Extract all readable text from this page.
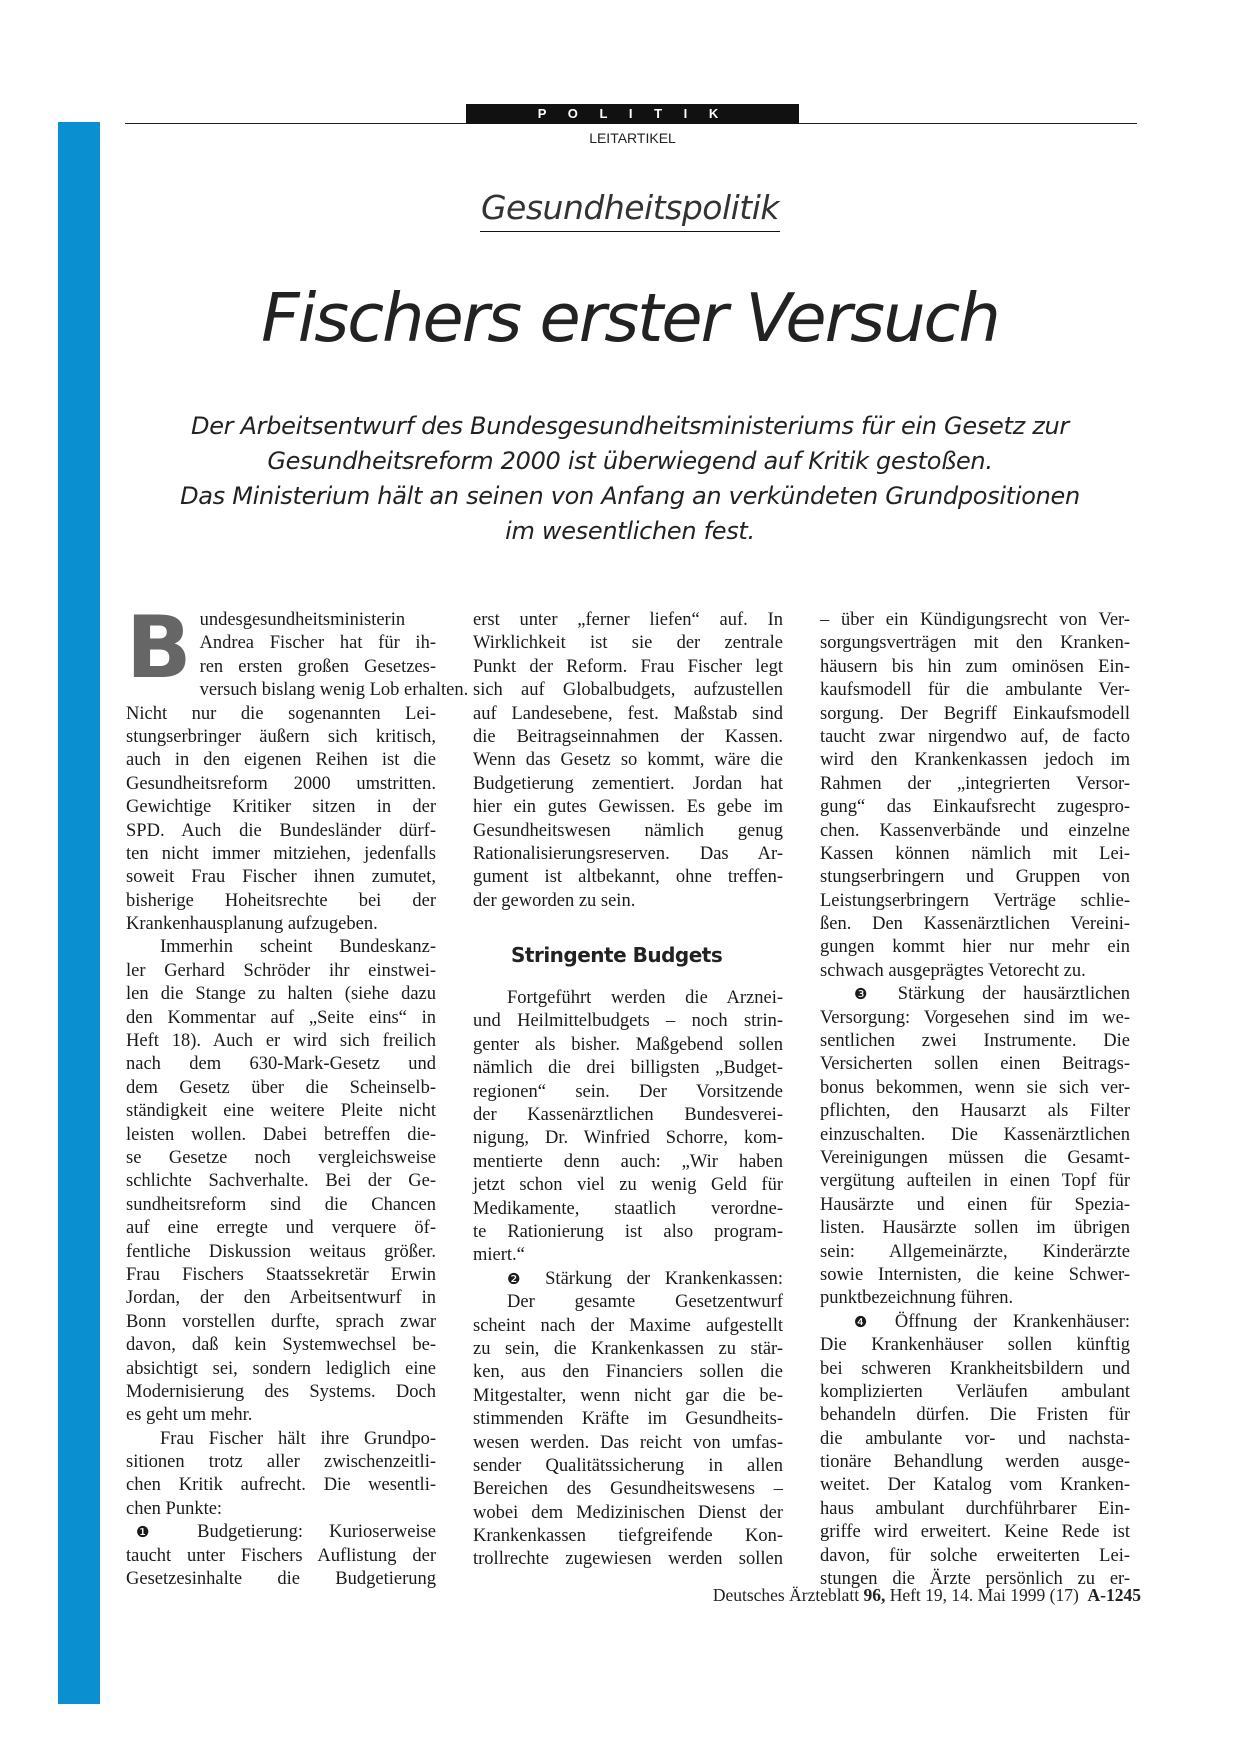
P O L I T I K
LEITARTIKEL
Gesundheitspolitik
Fischers erster Versuch
Der Arbeitsentwurf des Bundesgesundheitsministeriums für ein Gesetz zur
Gesundheitsreform 2000 ist überwiegend auf Kritik gestoßen.
Das Ministerium hält an seinen von Anfang an verkündeten Grundpositionen
im wesentlichen fest.
B undesgesundheitsministerin
Andrea Fischer hat für ih-
ren ersten großen Gesetzes-
versuch bislang wenig Lob erhalten.
Nicht nur die sogenannten Lei-
stungserbringer äußern sich kritisch,
auch in den eigenen Reihen ist die
Gesundheitsreform 2000 umstritten.
Gewichtige Kritiker sitzen in der
SPD. Auch die Bundesländer dürf-
ten nicht immer mitziehen, jedenfalls
soweit Frau Fischer ihnen zumutet,
bisherige Hoheitsrechte bei der
Krankenhausplanung aufzugeben.
Immerhin scheint Bundeskanz-
ler Gerhard Schröder ihr einstwei-
len die Stange zu halten (siehe dazu
den Kommentar auf „Seite eins“ in
Heft 18). Auch er wird sich freilich
nach dem 630-Mark-Gesetz und
dem Gesetz über die Scheinselb-
ständigkeit eine weitere Pleite nicht
leisten wollen. Dabei betreffen die-
se Gesetze noch vergleichsweise
schlichte Sachverhalte. Bei der Ge-
sundheitsreform sind die Chancen
auf eine erregte und verquere öf-
fentliche Diskussion weitaus größer.
Frau Fischers Staatssekretär Erwin
Jordan, der den Arbeitsentwurf in
Bonn vorstellen durfte, sprach zwar
davon, daß kein Systemwechsel be-
absichtigt sei, sondern lediglich eine
Modernisierung des Systems. Doch
es geht um mehr.
Frau Fischer hält ihre Grundpo-
sitionen trotz aller zwischenzeitli-
chen Kritik aufrecht. Die wesentli-
chen Punkte:
❶ Budgetierung: Kurioserweise
taucht unter Fischers Auflistung der
Gesetzesinhalte die Budgetierung
erst unter „ferner liefen“ auf. In
Wirklichkeit ist sie der zentrale
Punkt der Reform. Frau Fischer legt
sich auf Globalbudgets, aufzustellen
auf Landesebene, fest. Maßstab sind
die Beitragseinnahmen der Kassen.
Wenn das Gesetz so kommt, wäre die
Budgetierung zementiert. Jordan hat
hier ein gutes Gewissen. Es gebe im
Gesundheitswesen nämlich genug
Rationalisierungsreserven. Das Ar-
gument ist altbekannt, ohne treffen-
der geworden zu sein.
Stringente Budgets
Fortgeführt werden die Arznei-
und Heilmittelbudgets – noch strin-
genter als bisher. Maßgebend sollen
nämlich die drei billigsten „Budget-
regionen“ sein. Der Vorsitzende
der Kassenärztlichen Bundesverei-
nigung, Dr. Winfried Schorre, kom-
mentierte denn auch: „Wir haben
jetzt schon viel zu wenig Geld für
Medikamente, staatlich verordne-
te Rationierung ist also program-
miert.“
❷ Stärkung der Krankenkassen:
Der gesamte Gesetzentwurf
scheint nach der Maxime aufgestellt
zu sein, die Krankenkassen zu stär-
ken, aus den Financiers sollen die
Mitgestalter, wenn nicht gar die be-
stimmenden Kräfte im Gesundheits-
wesen werden. Das reicht von umfas-
sender Qualitätssicherung in allen
Bereichen des Gesundheitswesens –
wobei dem Medizinischen Dienst der
Krankenkassen tiefgreifende Kon-
trollrechte zugewiesen werden sollen
– über ein Kündigungsrecht von Ver-
sorgungsverträgen mit den Kranken-
häusern bis hin zum ominösen Ein-
kaufsmodell für die ambulante Ver-
sorgung. Der Begriff Einkaufsmodell
taucht zwar nirgendwo auf, de facto
wird den Krankenkassen jedoch im
Rahmen der „integrierten Versor-
gung“ das Einkaufsrecht zugespro-
chen. Kassenverbände und einzelne
Kassen können nämlich mit Lei-
stungserbringern und Gruppen von
Leistungserbringern Verträge schlie-
ßen. Den Kassenärztlichen Vereini-
gungen kommt hier nur mehr ein
schwach ausgeprägtes Vetorecht zu.
❸ Stärkung der hausärztlichen
Versorgung: Vorgesehen sind im we-
sentlichen zwei Instrumente. Die
Versicherten sollen einen Beitrags-
bonus bekommen, wenn sie sich ver-
pflichten, den Hausarzt als Filter
einzuschalten. Die Kassenärztlichen
Vereinigungen müssen die Gesamt-
vergütung aufteilen in einen Topf für
Hausärzte und einen für Spezia-
listen. Hausärzte sollen im übrigen
sein: Allgemeinärzte, Kinderärzte
sowie Internisten, die keine Schwer-
punktbezeichnung führen.
❹ Öffnung der Krankenhäuser:
Die Krankenhäuser sollen künftig
bei schweren Krankheitsbildern und
komplizierten Verläufen ambulant
behandeln dürfen. Die Fristen für
die ambulante vor- und nachsta-
tionäre Behandlung werden ausge-
weitet. Der Katalog vom Kranken-
haus ambulant durchführbarer Ein-
griffe wird erweitert. Keine Rede ist
davon, für solche erweiterten Lei-
stungen die Ärzte persönlich zu er-
Deutsches Ärzteblatt 96, Heft 19, 14. Mai 1999 (17) A-1245
